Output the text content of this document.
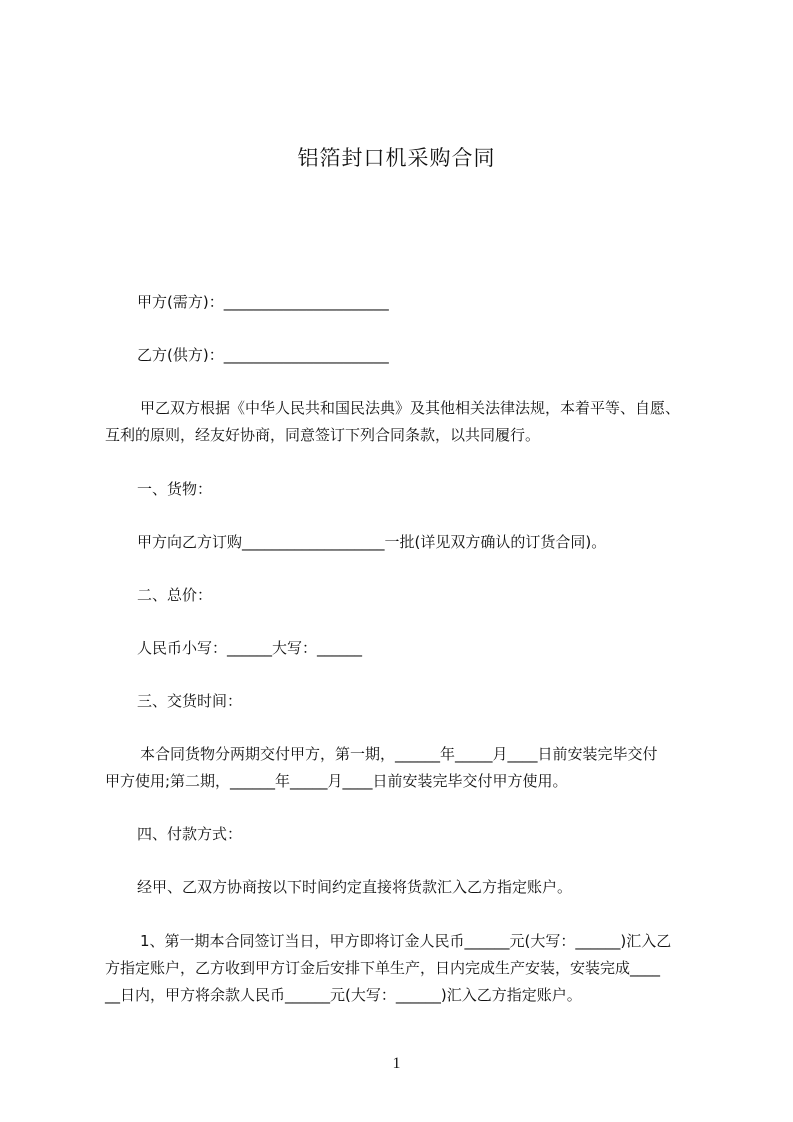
铝箔封口机采购合同
甲方(需方)：______________________
乙方(供方)：______________________
甲乙双方根据《中华人民共和国民法典》及其他相关法律法规，本着平等、自愿、
互利的原则，经友好协商，同意签订下列合同条款，以共同履行。
一、货物：
甲方向乙方订购___________________一批(详见双方确认的订货合同)。
二、总价：
人民币小写：______大写：______
三、交货时间：
本合同货物分两期交付甲方，第一期，______年_____月____日前安装完毕交付
甲方使用;第二期，______年_____月____日前安装完毕交付甲方使用。
四、付款方式：
经甲、乙双方协商按以下时间约定直接将货款汇入乙方指定账户。
1、第一期本合同签订当日，甲方即将订金人民币______元(大写：______)汇入乙
方指定账户，乙方收到甲方订金后安排下单生产，日内完成生产安装，安装完成____
__日内，甲方将余款人民币______元(大写：______)汇入乙方指定账户。
1
